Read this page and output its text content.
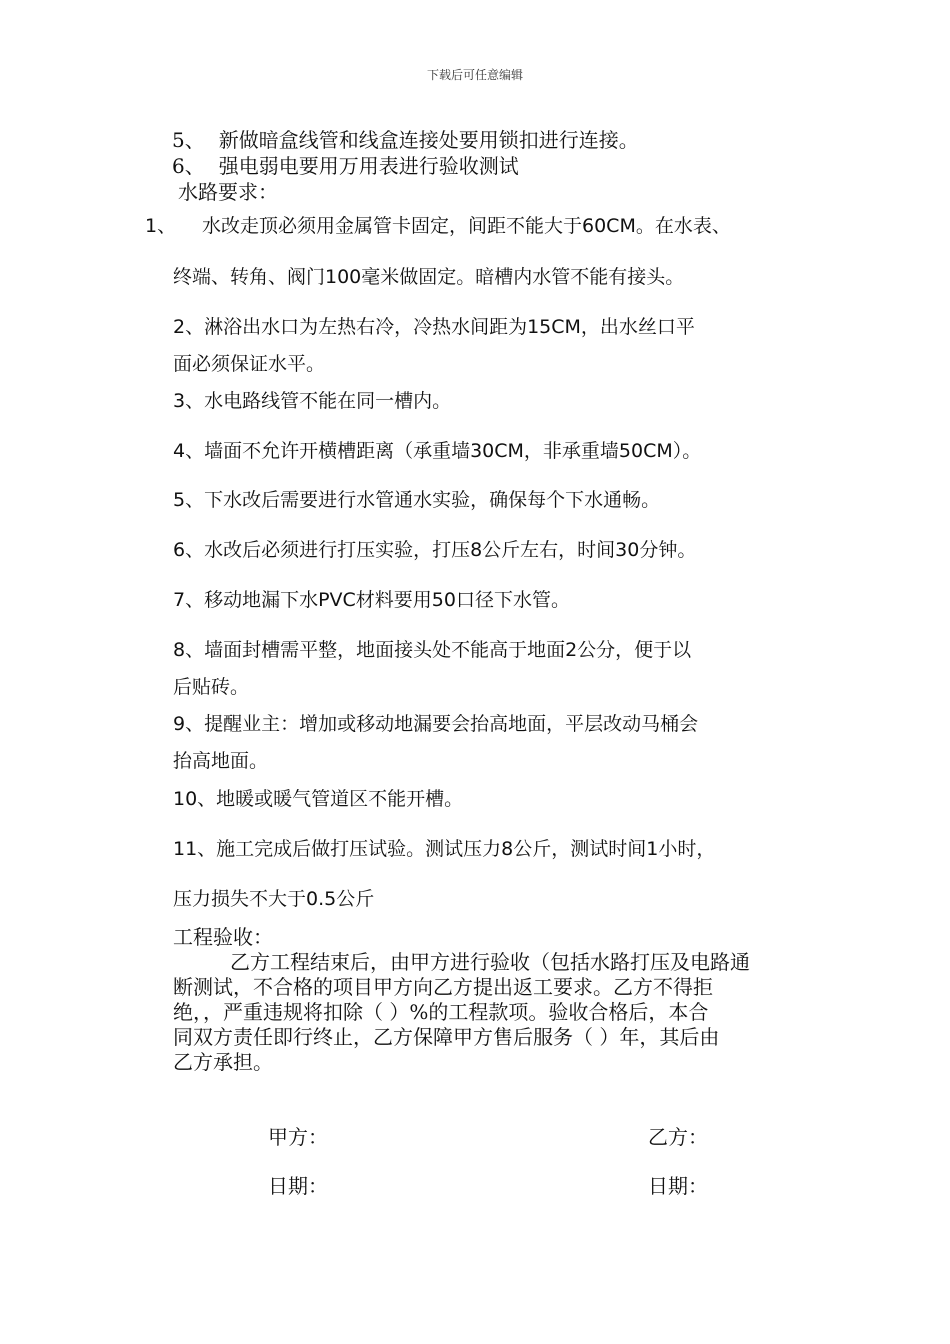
下载后可任意编辑
5、 新做暗盒线管和线盒连接处要用锁扣进行连接。
6、 强电弱电要用万用表进行验收测试
水路要求：
1、 水改走顶必须用金属管卡固定，间距不能大于60CM。在水表、
终端、转角、阀门100毫米做固定。暗槽内水管不能有接头。
2、淋浴出水口为左热右冷，冷热水间距为15CM，出水丝口平
面必须保证水平。
3、水电路线管不能在同一槽内。
4、墙面不允许开横槽距离（承重墙30CM，非承重墙50CM）。
5、下水改后需要进行水管通水实验，确保每个下水通畅。
6、水改后必须进行打压实验，打压8公斤左右，时间30分钟。
7、移动地漏下水PVC材料要用50口径下水管。
8、墙面封槽需平整，地面接头处不能高于地面2公分，便于以
后贴砖。
9、提醒业主：增加或移动地漏要会抬高地面，平层改动马桶会
抬高地面。
10、地暖或暖气管道区不能开槽。
11、施工完成后做打压试验。测试压力8公斤，测试时间1小时，
压力损失不大于0.5公斤
工程验收：
乙方工程结束后，由甲方进行验收（包括水路打压及电路通
断测试，不合格的项目甲方向乙方提出返工要求。乙方不得拒
绝，，严重违规将扣除（ ）%的工程款项。验收合格后，本合
同双方责任即行终止，乙方保障甲方售后服务（ ）年，其后由
乙方承担。
甲方：	乙方：
日期：	日期：
